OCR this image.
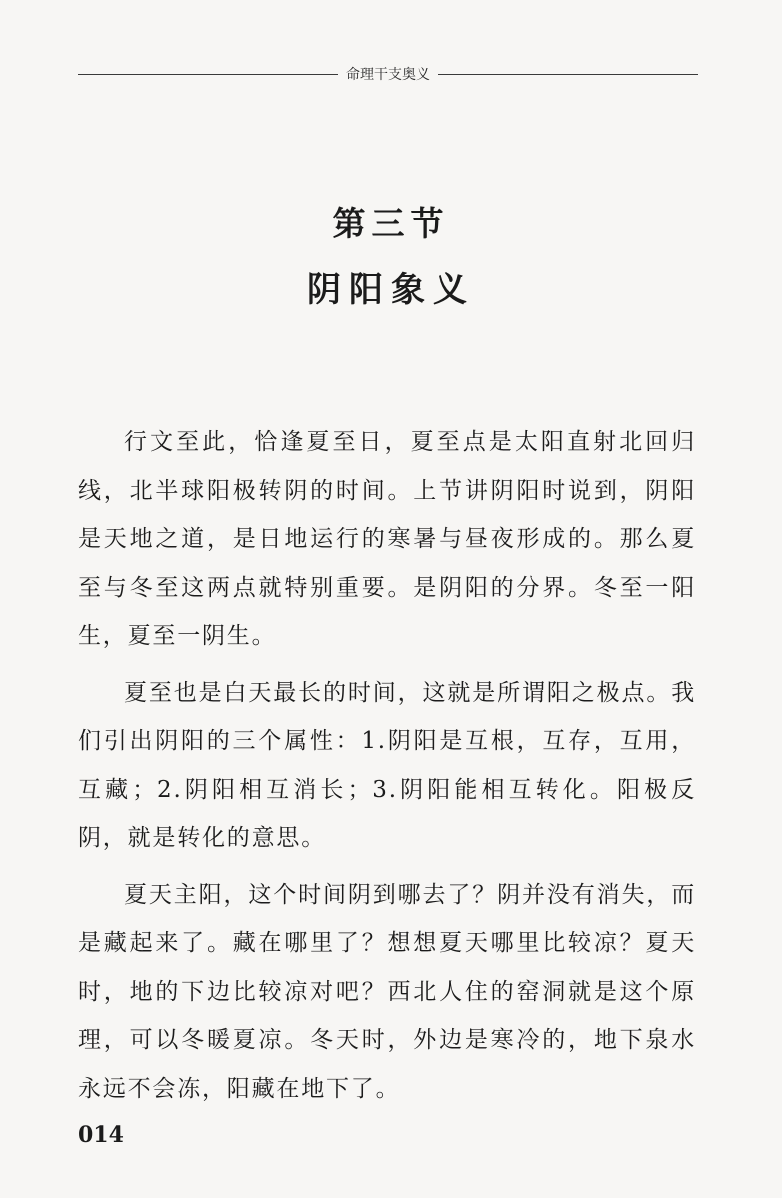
命理干支奥义
第三节
阴阳象义

行文至此，恰逢夏至日，夏至点是太阳直射北回归线，北半球阳极转阴的时间。上节讲阴阳时说到，阴阳是天地之道，是日地运行的寒暑与昼夜形成的。那么夏至与冬至这两点就特别重要。是阴阳的分界。冬至一阳生，夏至一阴生。

夏至也是白天最长的时间，这就是所谓阳之极点。我们引出阴阳的三个属性：1.阴阳是互根，互存，互用，互藏；2.阴阳相互消长；3.阴阳能相互转化。阳极反阴，就是转化的意思。

夏天主阳，这个时间阴到哪去了？阴并没有消失，而是藏起来了。藏在哪里了？想想夏天哪里比较凉？夏天时，地的下边比较凉对吧？西北人住的窑洞就是这个原理，可以冬暖夏凉。冬天时，外边是寒冷的，地下泉水永远不会冻，阳藏在地下了。

014
